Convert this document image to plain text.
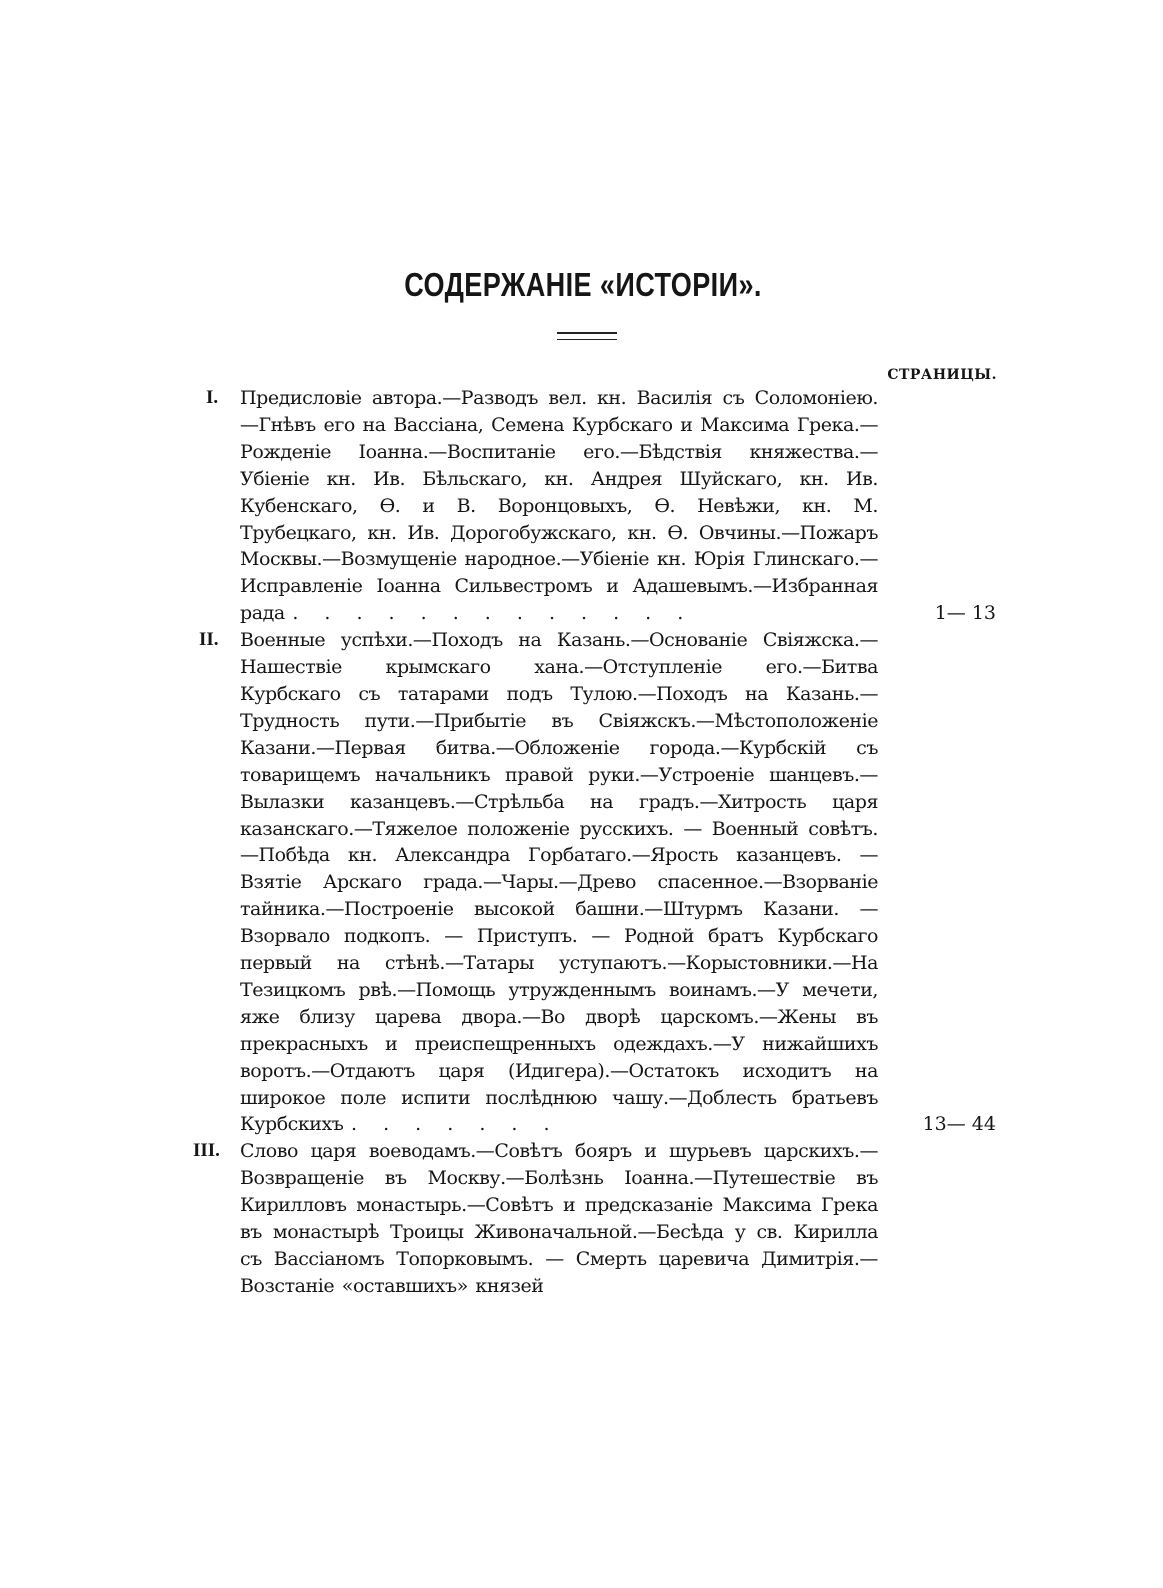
СОДЕРЖАНІЕ «ИСТОРІИ».
СТРАНИЦЫ.
I. Предисловіе автора.—Разводъ вел. кн. Василія съ Соломоніею.—Гнѣвъ его на Вассіана, Семена Курбскаго и Максима Грека.—Рожденіе Іоанна.—Воспитаніе его.—Бѣдствія княжества.—Убіеніе кн. Ив. Бѣльскаго, кн. Андрея Шуйскаго, кн. Ив. Кубенскаго, Ѳ. и В. Воронцовыхъ, Ѳ. Невѣжи, кн. М. Трубецкаго, кн. Ив. Дорогобужскаго, кн. Ѳ. Овчины.—Пожаръ Москвы.—Возмущеніе народное.—Убіеніе кн. Юрія Глинскаго.—Исправленіе Іоанна Сильвестромъ и Адашевымъ.—Избранная рада . . . . . . . . . . . . .	1— 13
II. Военные успѣхи.—Походъ на Казань.—Основаніе Свіяжска.—Нашествіе крымскаго хана.—Отступленіе его.—Битва Курбскаго съ татарами подъ Тулою.—Походъ на Казань.—Трудность пути.—Прибытіе въ Свіяжскъ.—Мѣстоположеніе Казани.—Первая битва.—Обложеніе города.—Курбскій съ товарищемъ начальникъ правой руки.—Устроеніе шанцевъ.—Вылазки казанцевъ.—Стрѣльба на градъ.—Хитрость царя казанскаго.—Тяжелое положеніе русскихъ. — Военный совѣтъ.—Побѣда кн. Александра Горбатаго.—Ярость казанцевъ. — Взятіе Арскаго града.—Чары.—Древо спасенное.—Взорваніе тайника.—Построеніе высокой башни.—Штурмъ Казани. — Взорвало подкопъ. — Приступъ. — Родной братъ Курбскаго первый на стѣнѣ.—Татары уступаютъ.—Корыстовники.—На Тезицкомъ рвѣ.—Помощь утружденнымъ воинамъ.—У мечети, яже близу царева двора.—Во дворѣ царскомъ.—Жены въ прекрасныхъ и преиспещренныхъ одеждахъ.—У нижайшихъ воротъ.—Отдаютъ царя (Идигера).—Остатокъ исходитъ на широкое поле испити послѣднюю чашу.—Доблесть братьевъ Курбскихъ . . . . . . .	13— 44
III. Слово царя воеводамъ.—Совѣтъ бояръ и шурьевъ царскихъ.—Возвращеніе въ Москву.—Болѣзнь Іоанна.—Путешествіе въ Кирилловъ монастырь.—Совѣтъ и предсказаніе Максима Грека въ монастырѣ Троицы Живоначальной.—Бесѣда у св. Кирилла съ Вассіаномъ Топорковымъ. — Смерть царевича Димитрія.—Возстаніе «оставшихъ» князей
